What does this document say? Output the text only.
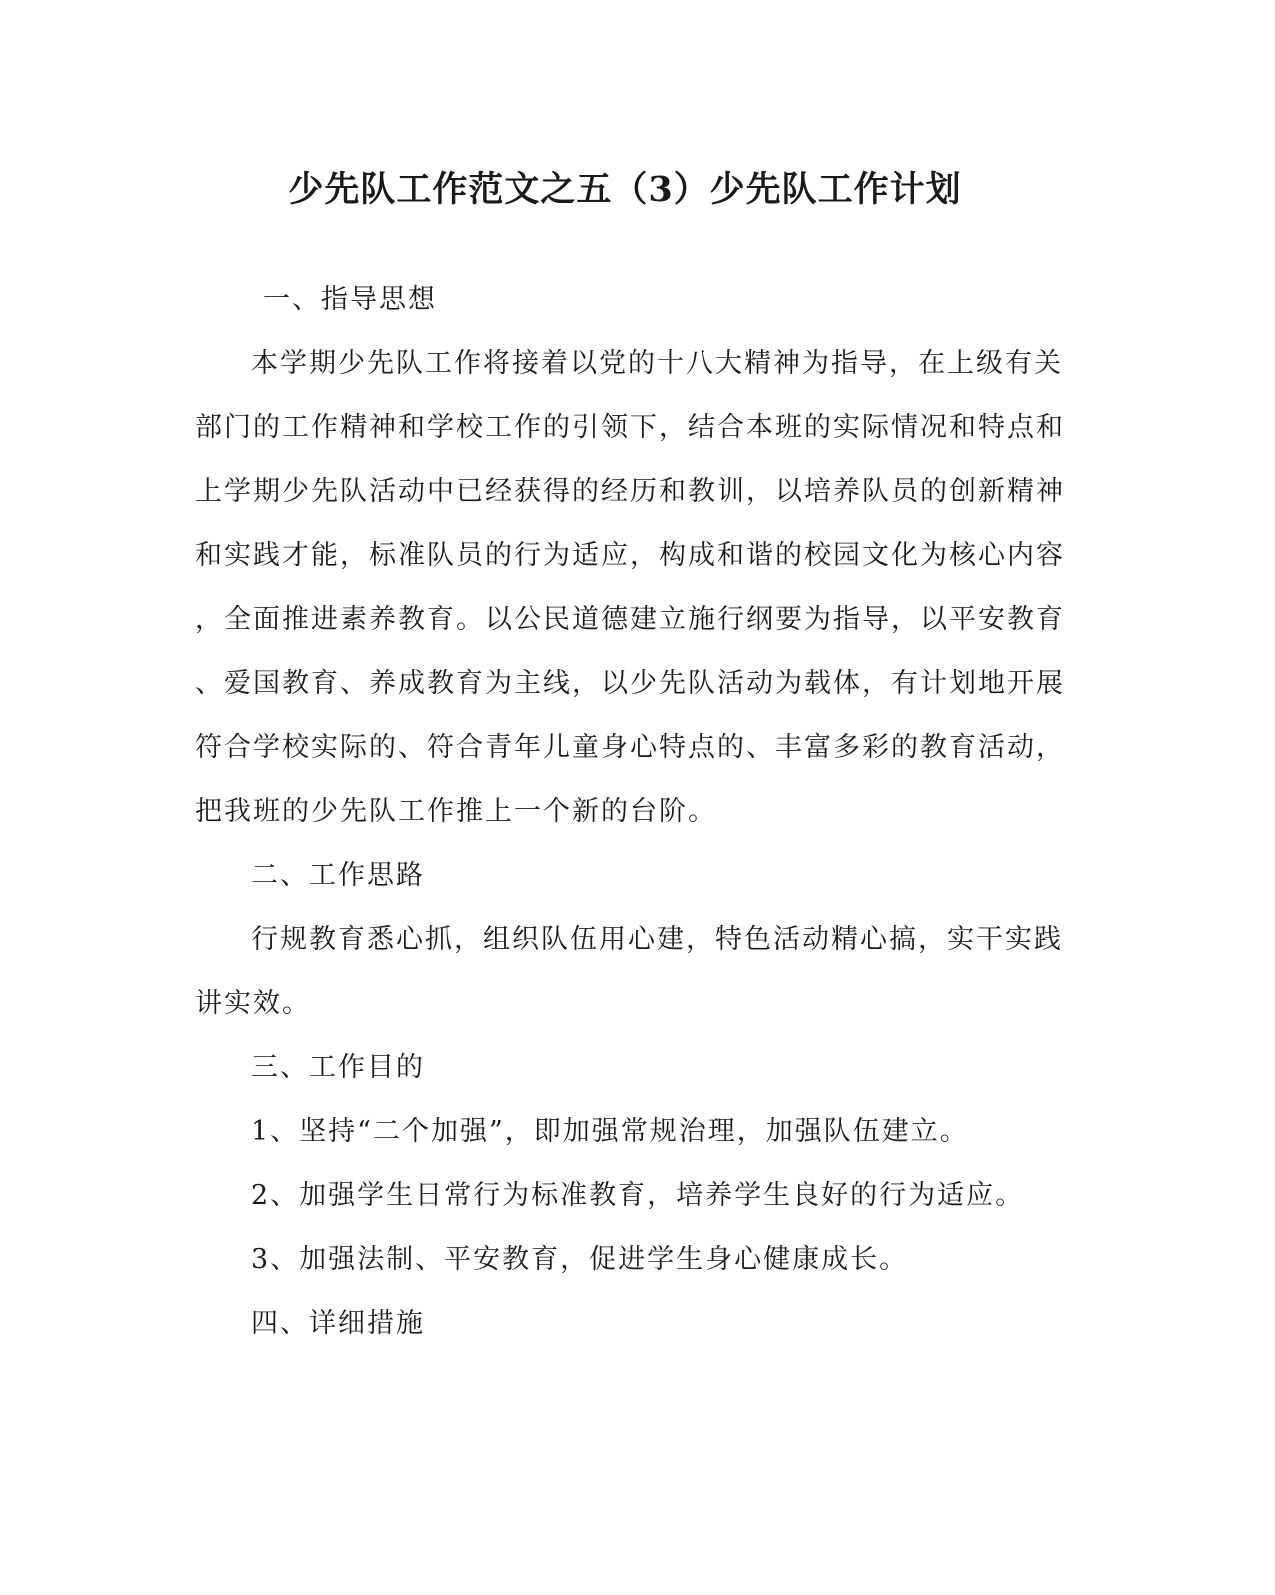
少先队工作范文之五（3）少先队工作计划
一、指导思想
本学期少先队工作将接着以党的十八大精神为指导，在上级有关
部门的工作精神和学校工作的引领下，结合本班的实际情况和特点和
上学期少先队活动中已经获得的经历和教训，以培养队员的创新精神
和实践才能，标准队员的行为适应，构成和谐的校园文化为核心内容
，全面推进素养教育。以公民道德建立施行纲要为指导，以平安教育
、爱国教育、养成教育为主线，以少先队活动为载体，有计划地开展
符合学校实际的、符合青年儿童身心特点的、丰富多彩的教育活动，
把我班的少先队工作推上一个新的台阶。
二、工作思路
行规教育悉心抓，组织队伍用心建，特色活动精心搞，实干实践
讲实效。
三、工作目的
1、坚持“二个加强”，即加强常规治理，加强队伍建立。
2、加强学生日常行为标准教育，培养学生良好的行为适应。
3、加强法制、平安教育，促进学生身心健康成长。
四、详细措施
